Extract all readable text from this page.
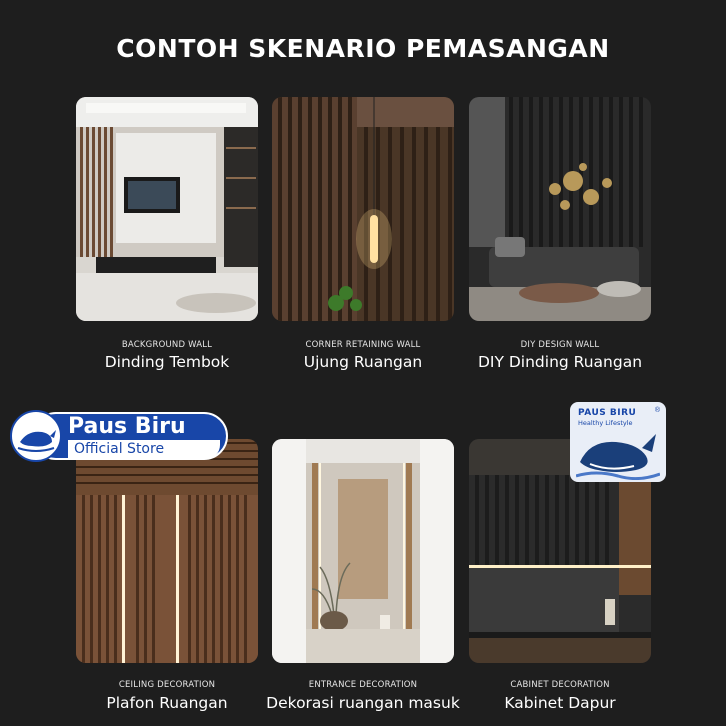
CONTOH SKENARIO PEMASANGAN
BACKGROUND WALL
Dinding Tembok
CORNER RETAINING WALL
Ujung Ruangan
DIY DESIGN WALL
DIY Dinding Ruangan
CEILING DECORATION
Plafon Ruangan
ENTRANCE DECORATION
Dekorasi ruangan masuk
CABINET DECORATION
Kabinet Dapur
Paus Biru
Official Store
PAUS BIRU
Healthy Lifestyle
®
